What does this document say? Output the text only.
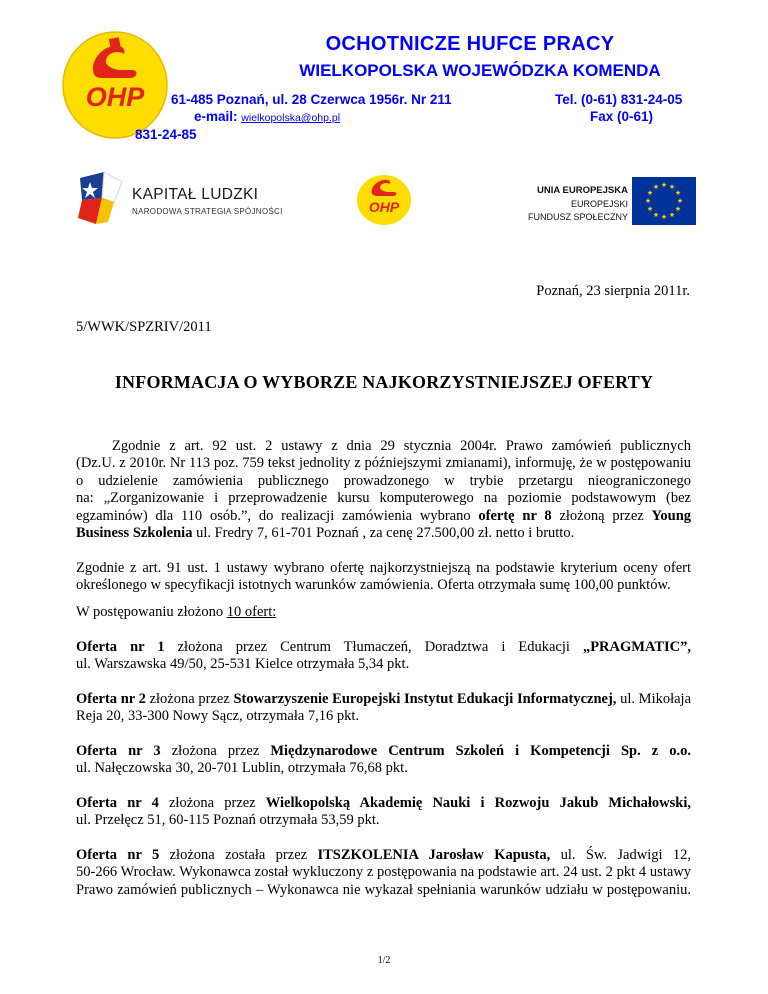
OHP
OCHOTNICZE HUFCE PRACY
WIELKOPOLSKA WOJEWÓDZKA KOMENDA
61-485 Poznań, ul. 28 Czerwca 1956r. Nr 211
e-mail: wielkopolska@ohp.pl
Tel. (0-61) 831-24-05
Fax (0-61)
831-24-85
KAPITAŁ LUDZKI
NARODOWA STRATEGIA SPÓJNOŚCI	OHP
UNIA EUROPEJSKA
EUROPEJSKI
FUNDUSZ SPOŁECZNY
★ ★
★
★
★
★
★
★
★
★
★
★
Poznań, 23 sierpnia 2011r.
5/WWK/SPZRIV/2011
INFORMACJA O WYBORZE NAJKORZYSTNIEJSZEJ OFERTY
Zgodnie z art. 92 ust. 2 ustawy z dnia 29 stycznia 2004r. Prawo zamówień publicznych
(Dz.U. z 2010r. Nr 113 poz. 759 tekst jednolity z późniejszymi zmianami), informuję, że w postępowaniu
o udzielenie zamówienia publicznego prowadzonego w trybie przetargu nieograniczonego
na: „Zorganizowanie i przeprowadzenie kursu komputerowego na poziomie podstawowym (bez
egzaminów) dla 110 osób.”, do realizacji zamówienia wybrano ofertę nr 8 złożoną przez Young
Business Szkolenia ul. Fredry 7, 61-701 Poznań , za cenę 27.500,00 zł. netto i brutto.
Zgodnie z art. 91 ust. 1 ustawy wybrano ofertę najkorzystniejszą na podstawie kryterium oceny ofert
określonego w specyfikacji istotnych warunków zamówienia. Oferta otrzymała sumę 100,00 punktów.
W postępowaniu złożono 10 ofert:
Oferta nr 1 złożona przez Centrum Tłumaczeń, Doradztwa i Edukacji „PRAGMATIC”,
ul. Warszawska 49/50, 25-531 Kielce otrzymała 5,34 pkt.
Oferta nr 2 złożona przez Stowarzyszenie Europejski Instytut Edukacji Informatycznej, ul. Mikołaja
Reja 20, 33-300 Nowy Sącz, otrzymała 7,16 pkt.
Oferta nr 3 złożona przez Międzynarodowe Centrum Szkoleń i Kompetencji Sp. z o.o.
ul. Nałęczowska 30, 20-701 Lublin, otrzymała 76,68 pkt.
Oferta nr 4 złożona przez Wielkopolską Akademię Nauki i Rozwoju Jakub Michałowski,
ul. Przełęcz 51, 60-115 Poznań otrzymała 53,59 pkt.
Oferta nr 5 złożona została przez ITSZKOLENIA Jarosław Kapusta, ul. Św. Jadwigi 12,
50-266 Wrocław. Wykonawca został wykluczony z postępowania na podstawie art. 24 ust. 2 pkt 4 ustawy
Prawo zamówień publicznych – Wykonawca nie wykazał spełniania warunków udziału w postępowaniu.
1/2
